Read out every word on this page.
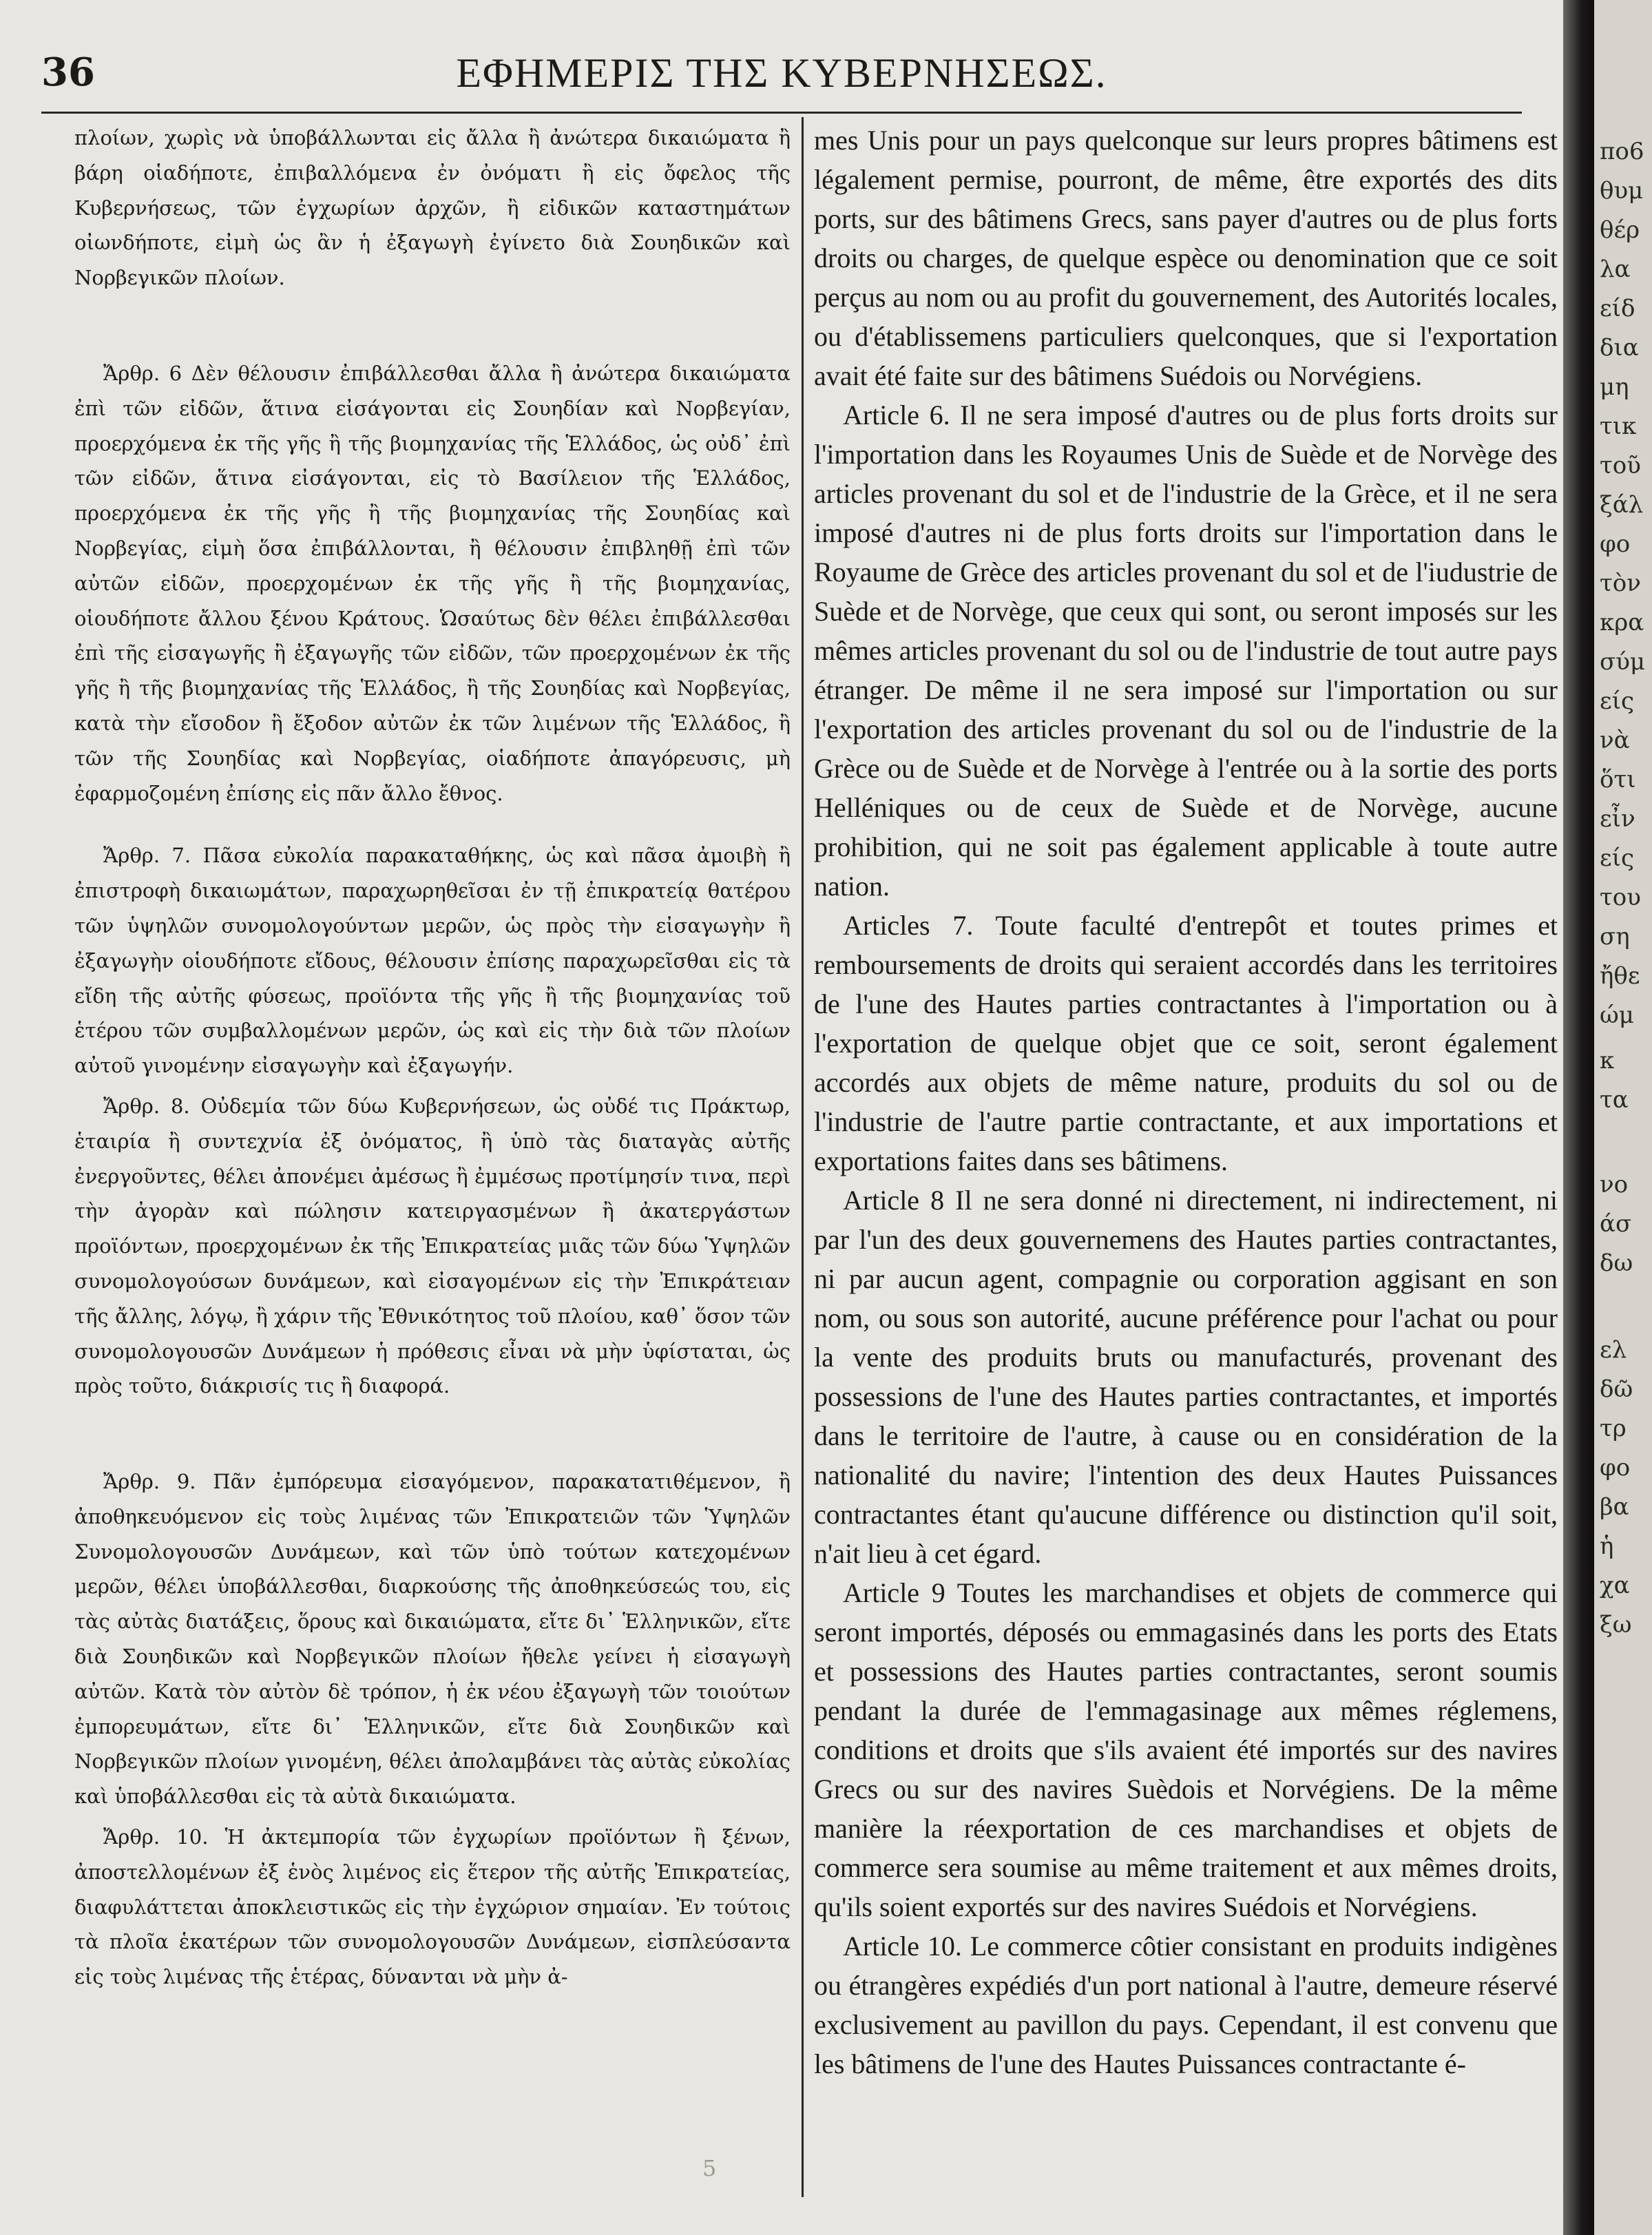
36	ΕΦΗΜΕΡΙΣ ΤΗΣ ΚΥΒΕΡΝΗΣΕΩΣ.

πλοίων, χωρὶς νὰ ὑποβάλλωνται εἰς ἄλλα ἢ ἀνώτερα δικαιώματα ἢ βάρη οἱαδήποτε, ἐπιβαλλόμενα ἐν ὀνόματι ἢ εἰς ὄφελος τῆς Κυβερνήσεως, τῶν ἐγχωρίων ἀρχῶν, ἢ εἰδικῶν καταστημάτων οἰωνδήποτε, εἰμὴ ὡς ἂν ἡ ἐξαγωγὴ ἐγίνετο διὰ Σουηδικῶν καὶ Νορβεγικῶν πλοίων.

Ἄρθρ. 6 Δὲν θέλουσιν ἐπιβάλλεσθαι ἄλλα ἢ ἀνώτερα δικαιώματα ἐπὶ τῶν εἰδῶν, ἅτινα εἰσάγονται εἰς Σουηδίαν καὶ Νορβεγίαν, προερχόμενα ἐκ τῆς γῆς ἢ τῆς βιομηχανίας τῆς Ἑλλάδος, ὡς οὐδ᾽ ἐπὶ τῶν εἰδῶν, ἅτινα εἰσάγονται, εἰς τὸ Βασίλειον τῆς Ἑλλάδος, προερχόμενα ἐκ τῆς γῆς ἢ τῆς βιομηχανίας τῆς Σουηδίας καὶ Νορβεγίας, εἰμὴ ὅσα ἐπιβάλλονται, ἢ θέλουσιν ἐπιβληθῇ ἐπὶ τῶν αὐτῶν εἰδῶν, προερχομένων ἐκ τῆς γῆς ἢ τῆς βιομηχανίας, οἱουδήποτε ἄλλου ξένου Κράτους. Ὡσαύτως δὲν θέλει ἐπιβάλλεσθαι ἐπὶ τῆς εἰσαγωγῆς ἢ ἐξαγωγῆς τῶν εἰδῶν, τῶν προερχομένων ἐκ τῆς γῆς ἢ τῆς βιομηχανίας τῆς Ἑλλάδος, ἢ τῆς Σουηδίας καὶ Νορβεγίας, κατὰ τὴν εἴσοδον ἢ ἔξοδον αὐτῶν ἐκ τῶν λιμένων τῆς Ἑλλάδος, ἢ τῶν τῆς Σουηδίας καὶ Νορβεγίας, οἱαδήποτε ἀπαγόρευσις, μὴ ἐφαρμοζομένη ἐπίσης εἰς πᾶν ἄλλο ἔθνος.

Ἄρθρ. 7. Πᾶσα εὐκολία παρακαταθήκης, ὡς καὶ πᾶσα ἀμοιβὴ ἢ ἐπιστροφὴ δικαιωμάτων, παραχωρηθεῖσαι ἐν τῇ ἐπικρατείᾳ θατέρου τῶν ὑψηλῶν συνομολογούντων μερῶν, ὡς πρὸς τὴν εἰσαγωγὴν ἢ ἐξαγωγὴν οἱουδήποτε εἴδους, θέλουσιν ἐπίσης παραχωρεῖσθαι εἰς τὰ εἴδη τῆς αὐτῆς φύσεως, προϊόντα τῆς γῆς ἢ τῆς βιομηχανίας τοῦ ἑτέρου τῶν συμβαλλομένων μερῶν, ὡς καὶ εἰς τὴν διὰ τῶν πλοίων αὐτοῦ γινομένην εἰσαγωγὴν καὶ ἐξαγωγήν.

Ἄρθρ. 8. Οὐδεμία τῶν δύω Κυβερνήσεων, ὡς οὐδέ τις Πράκτωρ, ἑταιρία ἢ συντεχνία ἐξ ὀνόματος, ἢ ὑπὸ τὰς διαταγὰς αὐτῆς ἐνεργοῦντες, θέλει ἀπονέμει ἀμέσως ἢ ἐμμέσως προτίμησίν τινα, περὶ τὴν ἀγορὰν καὶ πώλησιν κατειργασμένων ἢ ἀκατεργάστων προϊόντων, προερχομένων ἐκ τῆς Ἐπικρατείας μιᾶς τῶν δύω Ὑψηλῶν συνομολογούσων δυνάμεων, καὶ εἰσαγομένων εἰς τὴν Ἐπικράτειαν τῆς ἄλλης, λόγῳ, ἢ χάριν τῆς Ἐθνικότητος τοῦ πλοίου, καθ᾽ ὅσον τῶν συνομολογουσῶν Δυνάμεων ἡ πρόθεσις εἶναι νὰ μὴν ὑφίσταται, ὡς πρὸς τοῦτο, διάκρισίς τις ἢ διαφορά.

Ἄρθρ. 9. Πᾶν ἐμπόρευμα εἰσαγόμενον, παρακατατιθέμενον, ἢ ἀποθηκευόμενον εἰς τοὺς λιμένας τῶν Ἐπικρατειῶν τῶν Ὑψηλῶν Συνομολογουσῶν Δυνάμεων, καὶ τῶν ὑπὸ τούτων κατεχομένων μερῶν, θέλει ὑποβάλλεσθαι, διαρκούσης τῆς ἀποθηκεύσεώς του, εἰς τὰς αὐτὰς διατάξεις, ὅρους καὶ δικαιώματα, εἴτε δι᾽ Ἑλληνικῶν, εἴτε διὰ Σουηδικῶν καὶ Νορβεγικῶν πλοίων ἤθελε γείνει ἡ εἰσαγωγὴ αὐτῶν. Κατὰ τὸν αὐτὸν δὲ τρόπον, ἡ ἐκ νέου ἐξαγωγὴ τῶν τοιούτων ἐμπορευμάτων, εἴτε δι᾽ Ἑλληνικῶν, εἴτε διὰ Σουηδικῶν καὶ Νορβεγικῶν πλοίων γινομένη, θέλει ἀπολαμβάνει τὰς αὐτὰς εὐκολίας καὶ ὑποβάλλεσθαι εἰς τὰ αὐτὰ δικαιώματα.

Ἄρθρ. 10. Ἡ ἀκτεμπορία τῶν ἐγχωρίων προϊόντων ἢ ξένων, ἀποστελλομένων ἐξ ἑνὸς λιμένος εἰς ἕτερον τῆς αὐτῆς Ἐπικρατείας, διαφυλάττεται ἀποκλειστικῶς εἰς τὴν ἐγχώριον σημαίαν. Ἐν τούτοις τὰ πλοῖα ἑκατέρων τῶν συνομολογουσῶν Δυνάμεων, εἰσπλεύσαντα εἰς τοὺς λιμένας τῆς ἑτέρας, δύνανται νὰ μὴν ἀ-

mes Unis pour un pays quelconque sur leurs propres bâtimens est légalement permise, pourront, de même, être exportés des dits ports, sur des bâtimens Grecs, sans payer d'autres ou de plus forts droits ou charges, de quelque espèce ou denomination que ce soit perçus au nom ou au profit du gouvernement, des Autorités locales, ou d'établissemens particuliers quelconques, que si l'exportation avait été faite sur des bâtimens Suédois ou Norvégiens.

Article 6. Il ne sera imposé d'autres ou de plus forts droits sur l'importation dans les Royaumes Unis de Suède et de Norvège des articles provenant du sol et de l'industrie de la Grèce, et il ne sera imposé d'autres ni de plus forts droits sur l'importation dans le Royaume de Grèce des articles provenant du sol et de l'iudustrie de Suède et de Norvège, que ceux qui sont, ou seront imposés sur les mêmes articles provenant du sol ou de l'industrie de tout autre pays étranger. De même il ne sera imposé sur l'importation ou sur l'exportation des articles provenant du sol ou de l'industrie de la Grèce ou de Suède et de Norvège à l'entrée ou à la sortie des ports Helléniques ou de ceux de Suède et de Norvège, aucune prohibition, qui ne soit pas également applicable à toute autre nation.

Articles 7. Toute faculté d'entrepôt et toutes primes et remboursements de droits qui seraient accordés dans les territoires de l'une des Hautes parties contractantes à l'importation ou à l'exportation de quelque objet que ce soit, seront également accordés aux objets de même nature, produits du sol ou de l'industrie de l'autre partie contractante, et aux importations et exportations faites dans ses bâtimens.

Article 8 Il ne sera donné ni directement, ni indirectement, ni par l'un des deux gouvernemens des Hautes parties contractantes, ni par aucun agent, compagnie ou corporation aggisant en son nom, ou sous son autorité, aucune préférence pour l'achat ou pour la vente des produits bruts ou manufacturés, provenant des possessions de l'une des Hautes parties contractantes, et importés dans le territoire de l'autre, à cause ou en considération de la nationalité du navire; l'intention des deux Hautes Puissances contractantes étant qu'aucune différence ou distinction qu'il soit, n'ait lieu à cet égard.

Article 9 Toutes les marchandises et objets de commerce qui seront importés, déposés ou emmagasinés dans les ports des Etats et possessions des Hautes parties contractantes, seront soumis pendant la durée de l'emmagasinage aux mêmes réglemens, conditions et droits que s'ils avaient été importés sur des navires Grecs ou sur des navires Suèdois et Norvégiens. De la même manière la réexportation de ces marchandises et objets de commerce sera soumise au même traitement et aux mêmes droits, qu'ils soient exportés sur des navires Suédois et Norvégiens.

Article 10. Le commerce côtier consistant en produits indigènes ou étrangères expédiés d'un port national à l'autre, demeure réservé exclusivement au pavillon du pays. Cependant, il est convenu que les bâtimens de l'une des Hautes Puissances contractante é-

5
πο6
θυμ
θέρ
λα
είδ
δια
μη
τικ
τοῦ
ξάλ
φο
τὸν
κρα
σύμ
είς
νὰ
ὅτι
εἶν
είς
του
ση
ἤθε
ώμ
κ
τα
νο
άσ
δω
ελ
δῶ
τρ
φο
βα
ἡ
χα
ξω
